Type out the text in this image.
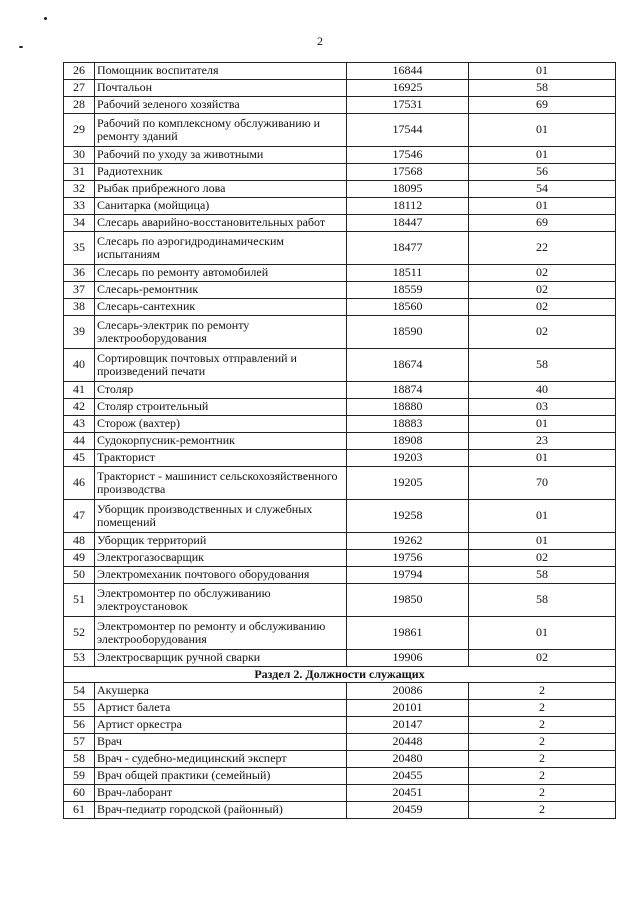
2
26	Помощник воспитателя	16844	01
27	Почтальон	16925	58
28	Рабочий зеленого хозяйства	17531	69
29	Рабочий по комплексному обслуживанию и ремонту зданий	17544	01
30	Рабочий по уходу за животными	17546	01
31	Радиотехник	17568	56
32	Рыбак прибрежного лова	18095	54
33	Санитарка (мойщица)	18112	01
34	Слесарь аварийно-восстановительных работ	18447	69
35	Слесарь по аэрогидродинамическим испытаниям	18477	22
36	Слесарь по ремонту автомобилей	18511	02
37	Слесарь-ремонтник	18559	02
38	Слесарь-сантехник	18560	02
39	Слесарь-электрик по ремонту электрооборудования	18590	02
40	Сортировщик почтовых отправлений и произведений печати	18674	58
41	Столяр	18874	40
42	Столяр строительный	18880	03
43	Сторож (вахтер)	18883	01
44	Судокорпусник-ремонтник	18908	23
45	Тракторист	19203	01
46	Тракторист - машинист сельскохозяйственного производства	19205	70
47	Уборщик производственных и служебных помещений	19258	01
48	Уборщик территорий	19262	01
49	Электрогазосварщик	19756	02
50	Электромеханик почтового оборудования	19794	58
51	Электромонтер по обслуживанию электроустановок	19850	58
52	Электромонтер по ремонту и обслуживанию электрооборудования	19861	01
53	Электросварщик ручной сварки	19906	02
Раздел 2. Должности служащих			
54	Акушерка	20086	2
55	Артист балета	20101	2
56	Артист оркестра	20147	2
57	Врач	20448	2
58	Врач - судебно-медицинский эксперт	20480	2
59	Врач общей практики (семейный)	20455	2
60	Врач-лаборант	20451	2
61	Врач-педиатр городской (районный)	20459	2
